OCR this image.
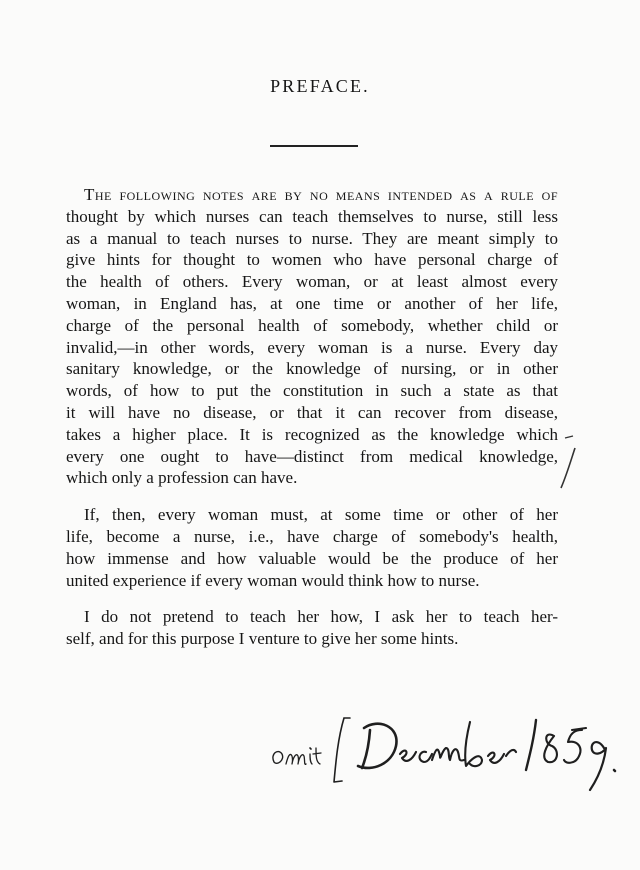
PREFACE.

The following notes are by no means intended as a rule of
thought by which nurses can teach themselves to nurse, still less
as a manual to teach nurses to nurse. They are meant simply to
give hints for thought to women who have personal charge of
the health of others. Every woman, or at least almost every
woman, in England has, at one time or another of her life,
charge of the personal health of somebody, whether child or
invalid,—in other words, every woman is a nurse. Every day
sanitary knowledge, or the knowledge of nursing, or in other
words, of how to put the constitution in such a state as that
it will have no disease, or that it can recover from disease,
takes a higher place. It is recognized as the knowledge which
every one ought to have—distinct from medical knowledge,
which only a profession can have.

If, then, every woman must, at some time or other of her
life, become a nurse, i.e., have charge of somebody's health,
how immense and how valuable would be the produce of her
united experience if every woman would think how to nurse.

I do not pretend to teach her how, I ask her to teach her-
self, and for this purpose I venture to give her some hints.
